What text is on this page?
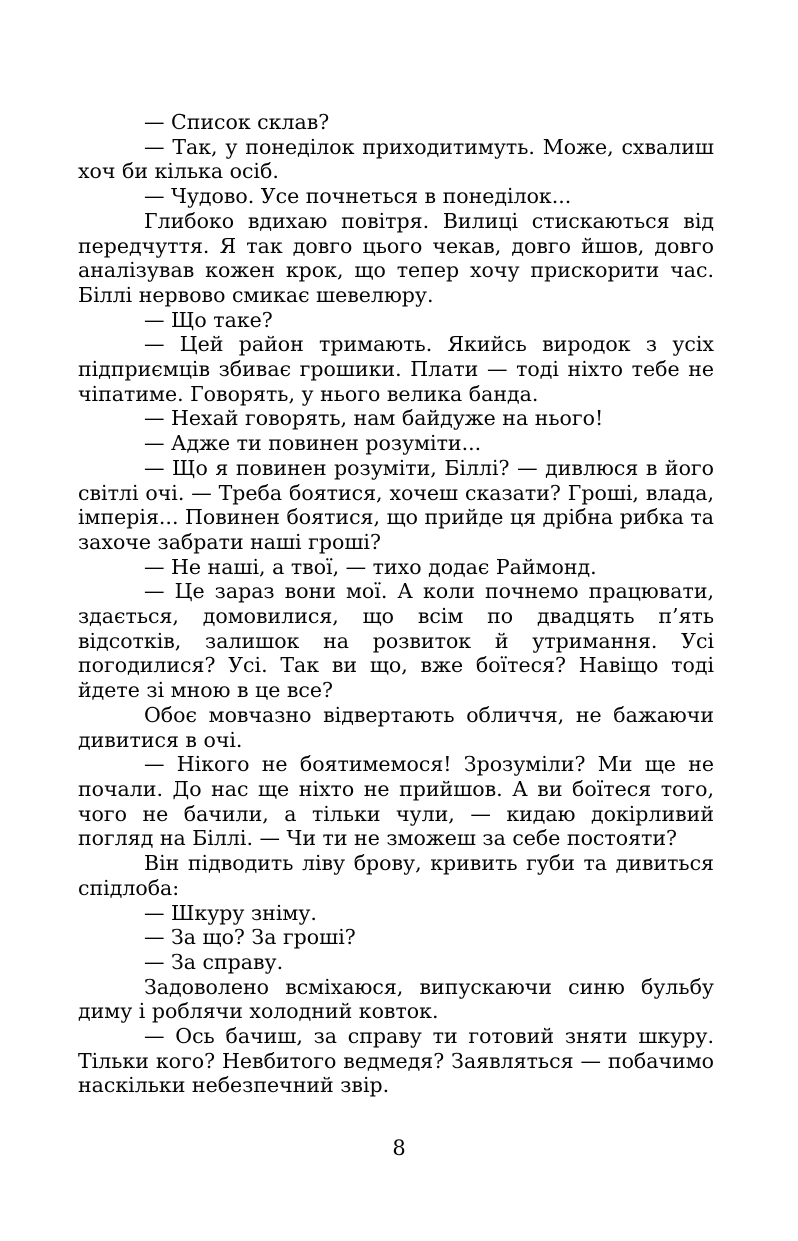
— Список склав?

— Так, у понеділок приходитимуть. Може, схвалиш хоч би кілька осіб.

— Чудово. Усе почнеться в понеділок...

Глибоко вдихаю повітря. Вилиці стискаються від передчуття. Я так довго цього чекав, довго йшов, довго аналізував кожен крок, що тепер хочу прискорити час. Біллі нервово смикає шевелюру.

— Що таке?

— Цей район тримають. Якийсь виродок з усіх підприємців збиває грошики. Плати — тоді ніхто тебе не чіпатиме. Говорять, у нього велика банда.

— Нехай говорять, нам байдуже на нього!

— Адже ти повинен розуміти...

— Що я повинен розуміти, Біллі? — дивлюся в його світлі очі. — Треба боятися, хочеш сказати? Гроші, влада, імперія... Повинен боятися, що прийде ця дрібна рибка та захоче забрати наші гроші?

— Не наші, а твої, — тихо додає Раймонд.

— Це зараз вони мої. А коли почнемо працювати, здається, домовилися, що всім по двадцять п’ять відсотків, залишок на розвиток й утримання. Усі погодилися? Усі. Так ви що, вже боїтеся? Навіщо тоді йдете зі мною в це все?

Обоє мовчазно відвертають обличчя, не бажаючи дивитися в очі.

— Нікого не боятимемося! Зрозуміли? Ми ще не почали. До нас ще ніхто не прийшов. А ви боїтеся того, чого не бачили, а тільки чули, — кидаю докірливий погляд на Біллі. — Чи ти не зможеш за себе постояти?

Він підводить ліву брову, кривить губи та дивиться спідлоба:

— Шкуру зніму.

— За що? За гроші?

— За справу.

Задоволено всміхаюся, випускаючи синю бульбу диму і роблячи холодний ковток.

— Ось бачиш, за справу ти готовий зняти шкуру. Тільки кого? Невбитого ведмедя? Заявляться — побачимо наскільки небезпечний звір.

8
